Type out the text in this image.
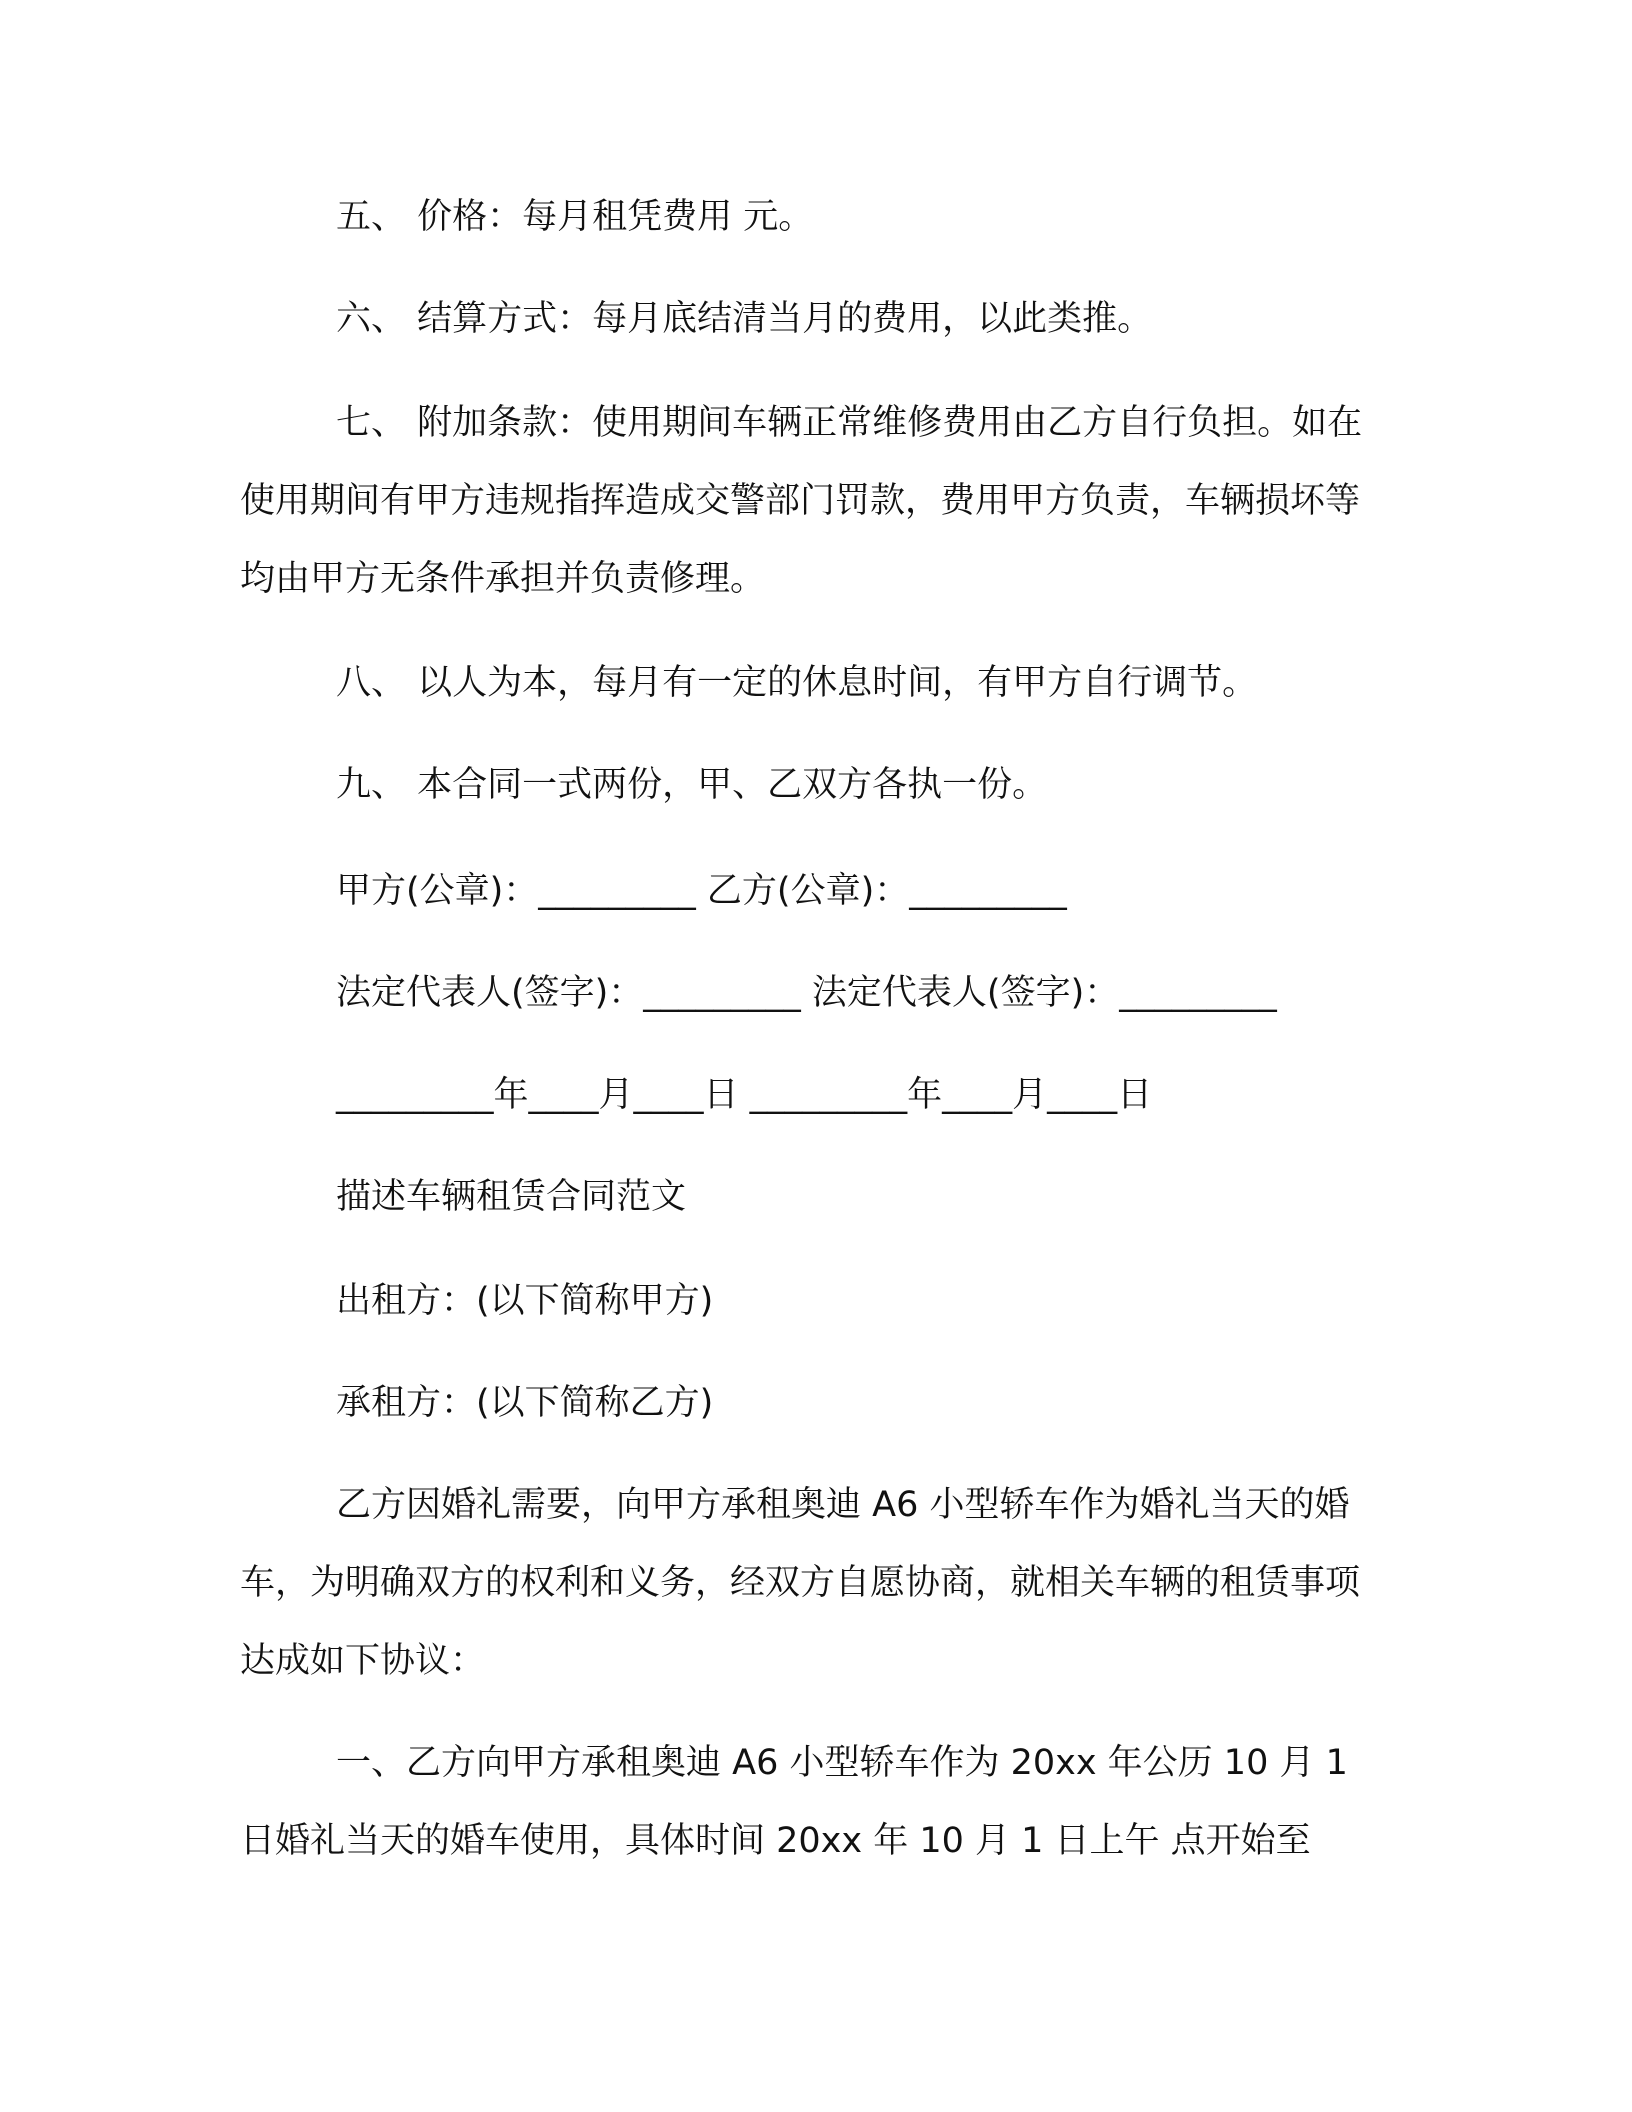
五、 价格：每月租凭费用 元。

六、 结算方式：每月底结清当月的费用，以此类推。

七、 附加条款：使用期间车辆正常维修费用由乙方自行负担。如在使用期间有甲方违规指挥造成交警部门罚款，费用甲方负责，车辆损坏等均由甲方无条件承担并负责修理。

八、 以人为本，每月有一定的休息时间，有甲方自行调节。

九、 本合同一式两份，甲、乙双方各执一份。

甲方(公章)：_________ 乙方(公章)：_________

法定代表人(签字)：_________ 法定代表人(签字)：_________

_________年____月____日 _________年____月____日

描述车辆租赁合同范文

出租方：(以下简称甲方)

承租方：(以下简称乙方)

乙方因婚礼需要，向甲方承租奥迪 A6 小型轿车作为婚礼当天的婚车，为明确双方的权利和义务，经双方自愿协商，就相关车辆的租赁事项达成如下协议：

一、乙方向甲方承租奥迪 A6 小型轿车作为 20xx 年公历 10 月 1 日婚礼当天的婚车使用，具体时间 20xx 年 10 月 1 日上午 点开始至
